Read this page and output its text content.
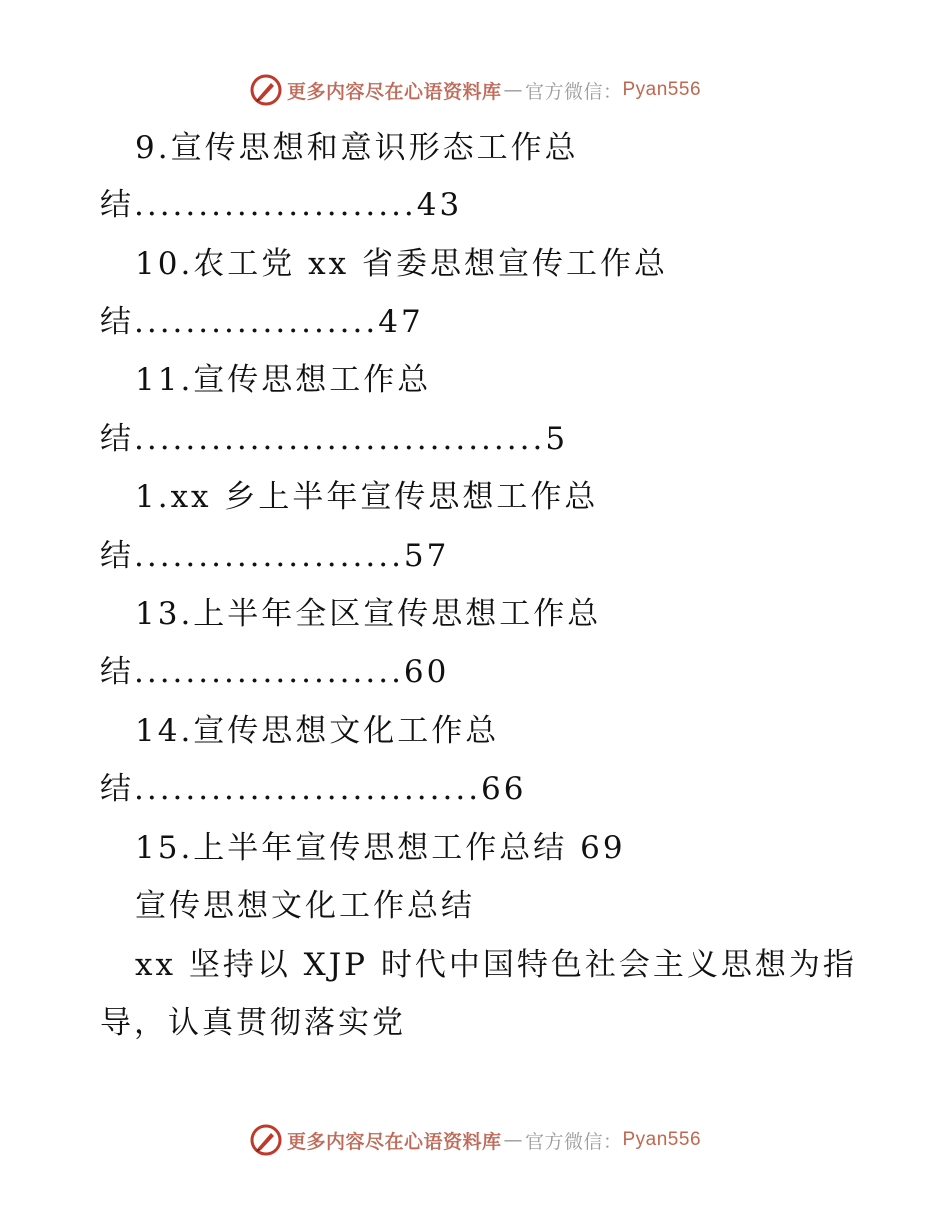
更多内容尽在心语资料库 — 官方微信： Pyan556
9.宣传思想和意识形态工作总
结......................43
10.农工党 xx 省委思想宣传工作总
结...................47
11.宣传思想工作总
结................................5
1.xx 乡上半年宣传思想工作总
结.....................57
13.上半年全区宣传思想工作总
结.....................60
14.宣传思想文化工作总
结...........................66
15.上半年宣传思想工作总结 69
宣传思想文化工作总结
xx 坚持以 XJP 时代中国特色社会主义思想为指
导，认真贯彻落实党
更多内容尽在心语资料库 — 官方微信： Pyan556
